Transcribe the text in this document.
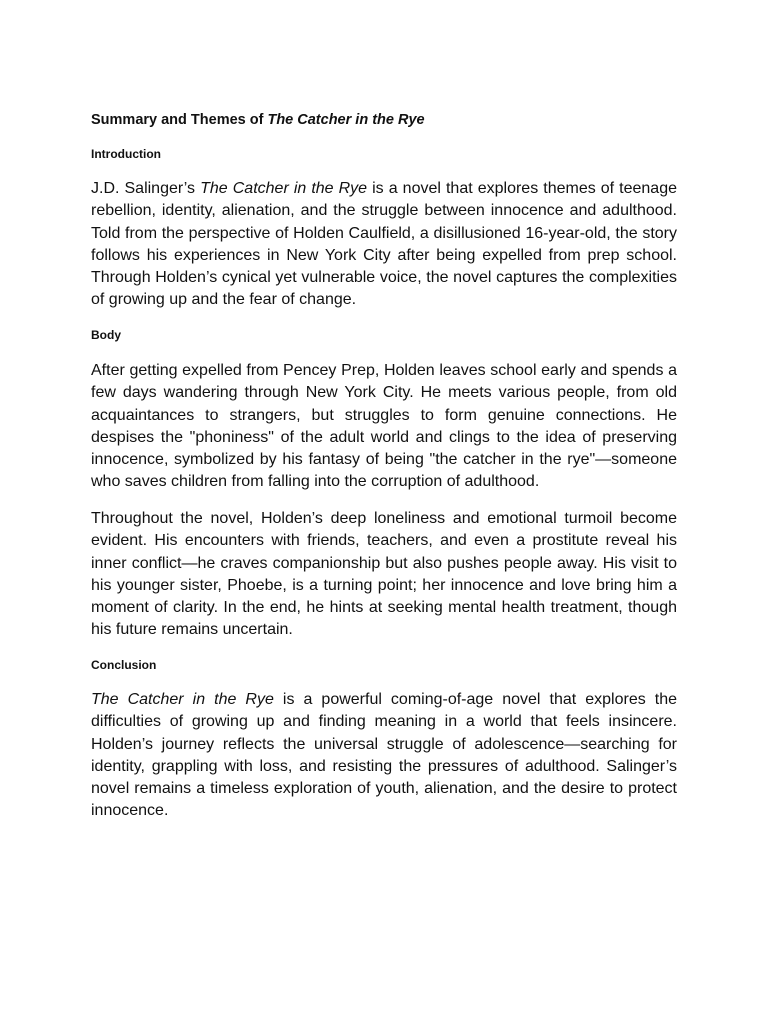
Summary and Themes of The Catcher in the Rye
Introduction

J.D. Salinger’s The Catcher in the Rye is a novel that explores themes of teenage rebellion, identity, alienation, and the struggle between innocence and adulthood. Told from the perspective of Holden Caulfield, a disillusioned 16-year-old, the story follows his experiences in New York City after being expelled from prep school. Through Holden’s cynical yet vulnerable voice, the novel captures the complexities of growing up and the fear of change.

Body

After getting expelled from Pencey Prep, Holden leaves school early and spends a few days wandering through New York City. He meets various people, from old acquaintances to strangers, but struggles to form genuine connections. He despises the "phoniness" of the adult world and clings to the idea of preserving innocence, symbolized by his fantasy of being "the catcher in the rye"—someone who saves children from falling into the corruption of adulthood.

Throughout the novel, Holden’s deep loneliness and emotional turmoil become evident. His encounters with friends, teachers, and even a prostitute reveal his inner conflict—he craves companionship but also pushes people away. His visit to his younger sister, Phoebe, is a turning point; her innocence and love bring him a moment of clarity. In the end, he hints at seeking mental health treatment, though his future remains uncertain.

Conclusion

The Catcher in the Rye is a powerful coming-of-age novel that explores the difficulties of growing up and finding meaning in a world that feels insincere. Holden’s journey reflects the universal struggle of adolescence—searching for identity, grappling with loss, and resisting the pressures of adulthood. Salinger’s novel remains a timeless exploration of youth, alienation, and the desire to protect innocence.
